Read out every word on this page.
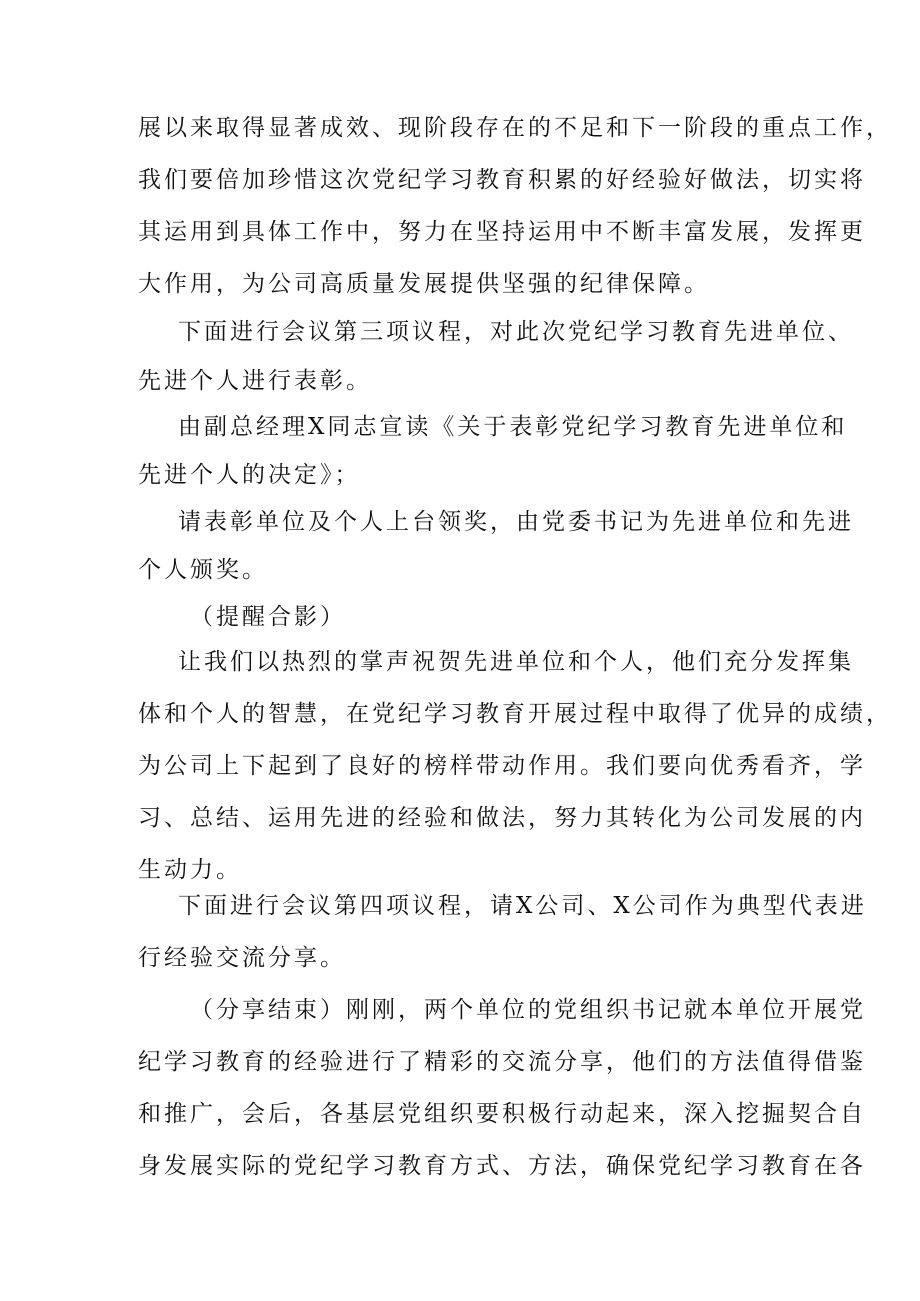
展以来取得显著成效、现阶段存在的不足和下一阶段的重点工作，
我们要倍加珍惜这次党纪学习教育积累的好经验好做法，切实将
其运用到具体工作中，努力在坚持运用中不断丰富发展，发挥更
大作用，为公司高质量发展提供坚强的纪律保障。
下面进行会议第三项议程，对此次党纪学习教育先进单位、
先进个人进行表彰。
由副总经理X同志宣读《关于表彰党纪学习教育先进单位和
先进个人的决定》；
请表彰单位及个人上台领奖，由党委书记为先进单位和先进
个人颁奖。
（提醒合影）
让我们以热烈的掌声祝贺先进单位和个人，他们充分发挥集
体和个人的智慧，在党纪学习教育开展过程中取得了优异的成绩，
为公司上下起到了良好的榜样带动作用。我们要向优秀看齐，学
习、总结、运用先进的经验和做法，努力其转化为公司发展的内
生动力。
下面进行会议第四项议程，请X公司、X公司作为典型代表进
行经验交流分享。
（分享结束）刚刚，两个单位的党组织书记就本单位开展党
纪学习教育的经验进行了精彩的交流分享，他们的方法值得借鉴
和推广，会后，各基层党组织要积极行动起来，深入挖掘契合自
身发展实际的党纪学习教育方式、方法，确保党纪学习教育在各
